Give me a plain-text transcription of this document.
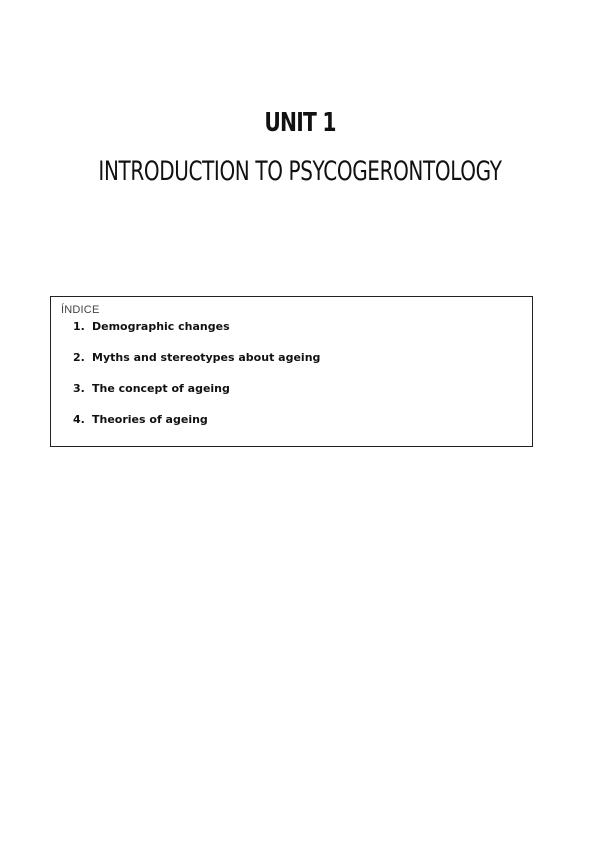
UNIT 1
INTRODUCTION TO PSYCOGERONTOLOGY
ÍNDICE
1. Demographic changes
2. Myths and stereotypes about ageing
3. The concept of ageing
4. Theories of ageing
